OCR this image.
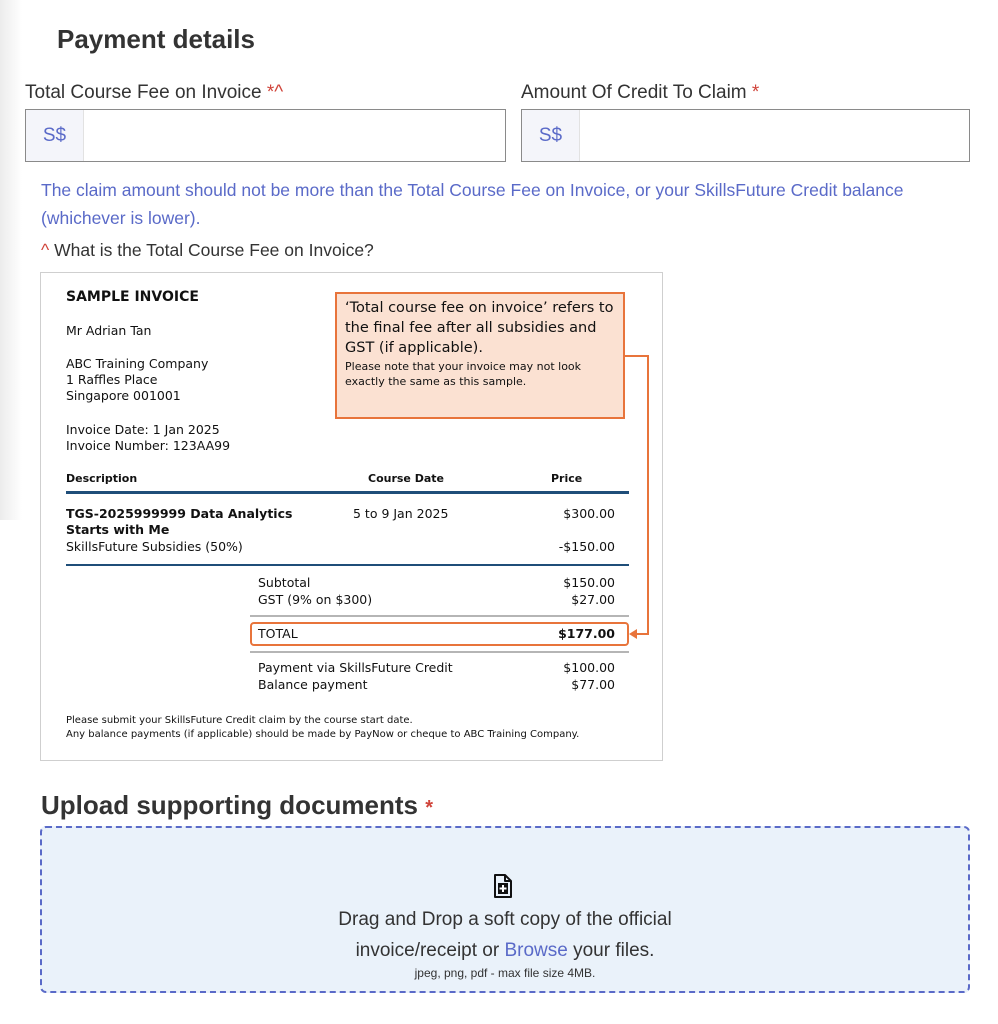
Payment details
Total Course Fee on Invoice *^
S$
Amount Of Credit To Claim *
S$
The claim amount should not be more than the Total Course Fee on Invoice, or your SkillsFuture Credit balance (whichever is lower).
^ What is the Total Course Fee on Invoice?
SAMPLE INVOICE
Mr Adrian Tan
ABC Training Company
1 Raffles Place
Singapore 001001
Invoice Date: 1 Jan 2025
Invoice Number: 123AA99
Description	Course Date	Price
TGS-2025999999 Data Analytics
Starts with Me
5 to 9 Jan 2025	$300.00
SkillsFuture Subsidies (50%)	-$150.00
Subtotal	$150.00
GST (9% on $300)	$27.00
TOTAL	$177.00
Payment via SkillsFuture Credit	$100.00
Balance payment	$77.00
Please submit your SkillsFuture Credit claim by the course start date.
Any balance payments (if applicable) should be made by PayNow or cheque to ABC Training Company.
‘Total course fee on invoice’ refers to the final fee after all subsidies and GST (if applicable).
Please note that your invoice may not look exactly the same as this sample.
Upload supporting documents *
Drag and Drop a soft copy of the official
invoice/receipt or Browse your files.
jpeg, png, pdf - max file size 4MB.
